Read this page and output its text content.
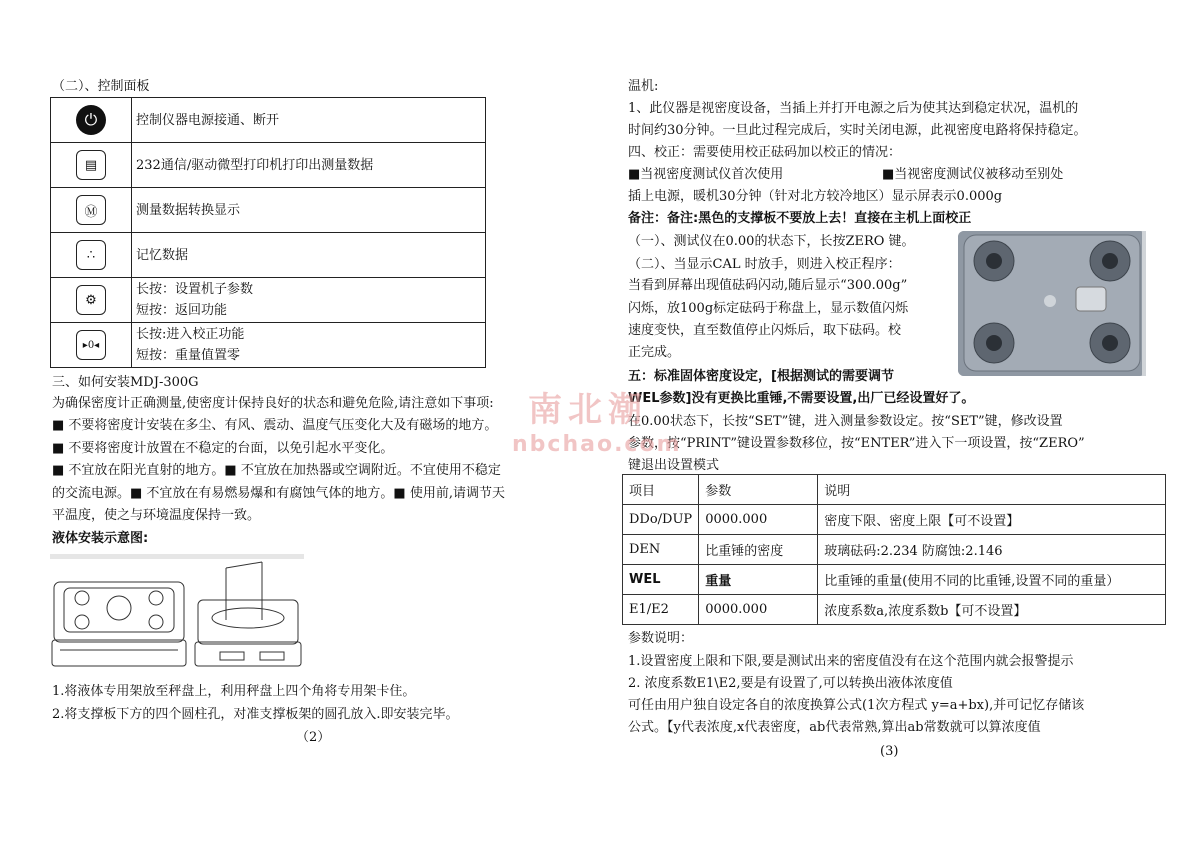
（二）、控制面板
⏻	控制仪器电源接通、断开

▤	232通信/驱动微型打印机打印出测量数据

Ⓜ	测量数据转换显示

∴	记忆数据

⚙	长按：设置机子参数
短按：返回功能

▸0◂	长按:进入校正功能
短按：重量值置零
三、如何安装MDJ-300G
为确保密度计正确测量,使密度计保持良好的状态和避免危险,请注意如下事项:
■ 不要将密度计安装在多尘、有风、震动、温度气压变化大及有磁场的地方。
■ 不要将密度计放置在不稳定的台面，以免引起水平变化。
■ 不宜放在阳光直射的地方。■ 不宜放在加热器或空调附近。不宜使用不稳定
的交流电源。■ 不宜放在有易燃易爆和有腐蚀气体的地方。■ 使用前,请调节天
平温度，使之与环境温度保持一致。
液体安装示意图:
1.将液体专用架放至秤盘上，利用秤盘上四个角将专用架卡住。
2.将支撑板下方的四个圆柱孔，对准支撑板架的圆孔放入.即安装完毕。
（2）
温机:
1、此仪器是视密度设备，当插上并打开电源之后为使其达到稳定状况，温机的
时间约30分钟。一旦此过程完成后，实时关闭电源，此视密度电路将保持稳定。
四、校正：需要使用校正砝码加以校正的情况：
■当视密度测试仪首次使用	■当视密度测试仪被移动至别处
插上电源，暖机30分钟（针对北方较冷地区）显示屏表示0.000g
备注：备注:黑色的支撑板不要放上去！直接在主机上面校正
（一）、测试仪在0.00的状态下，长按ZERO 键。
（二）、当显示CAL 时放手，则进入校正程序：
当看到屏幕出现值砝码闪动,随后显示“300.00g”
闪烁，放100g标定砝码于称盘上，显示数值闪烁
速度变快，直至数值停止闪烁后，取下砝码。校
正完成。
五：标准固体密度设定，[根据测试的需要调节
WEL参数]没有更换比重锤,不需要设置,出厂已经设置好了。
在0.00状态下，长按“SET”键，进入测量参数设定。按“SET”键，修改设置
参数，按“PRINT”键设置参数移位，按“ENTER”进入下一项设置，按“ZERO”
键退出设置模式
项目	参数	说明
DDo/DUP	0000.000	密度下限、密度上限【可不设置】
DEN	比重锤的密度	玻璃砝码:2.234 防腐蚀:2.146
WEL	重量	比重锤的重量(使用不同的比重锤,设置不同的重量）
E1/E2	0000.000	浓度系数a,浓度系数b【可不设置】
参数说明：
1.设置密度上限和下限,要是测试出来的密度值没有在这个范围内就会报警提示
2. 浓度系数E1\E2,要是有设置了,可以转换出液体浓度值
可任由用户独自设定各自的浓度换算公式(1次方程式 y=a+bx),并可记忆存储该
公式。【y代表浓度,x代表密度，ab代表常熟,算出ab常数就可以算浓度值
(3)
南北潮
nbchao.com
